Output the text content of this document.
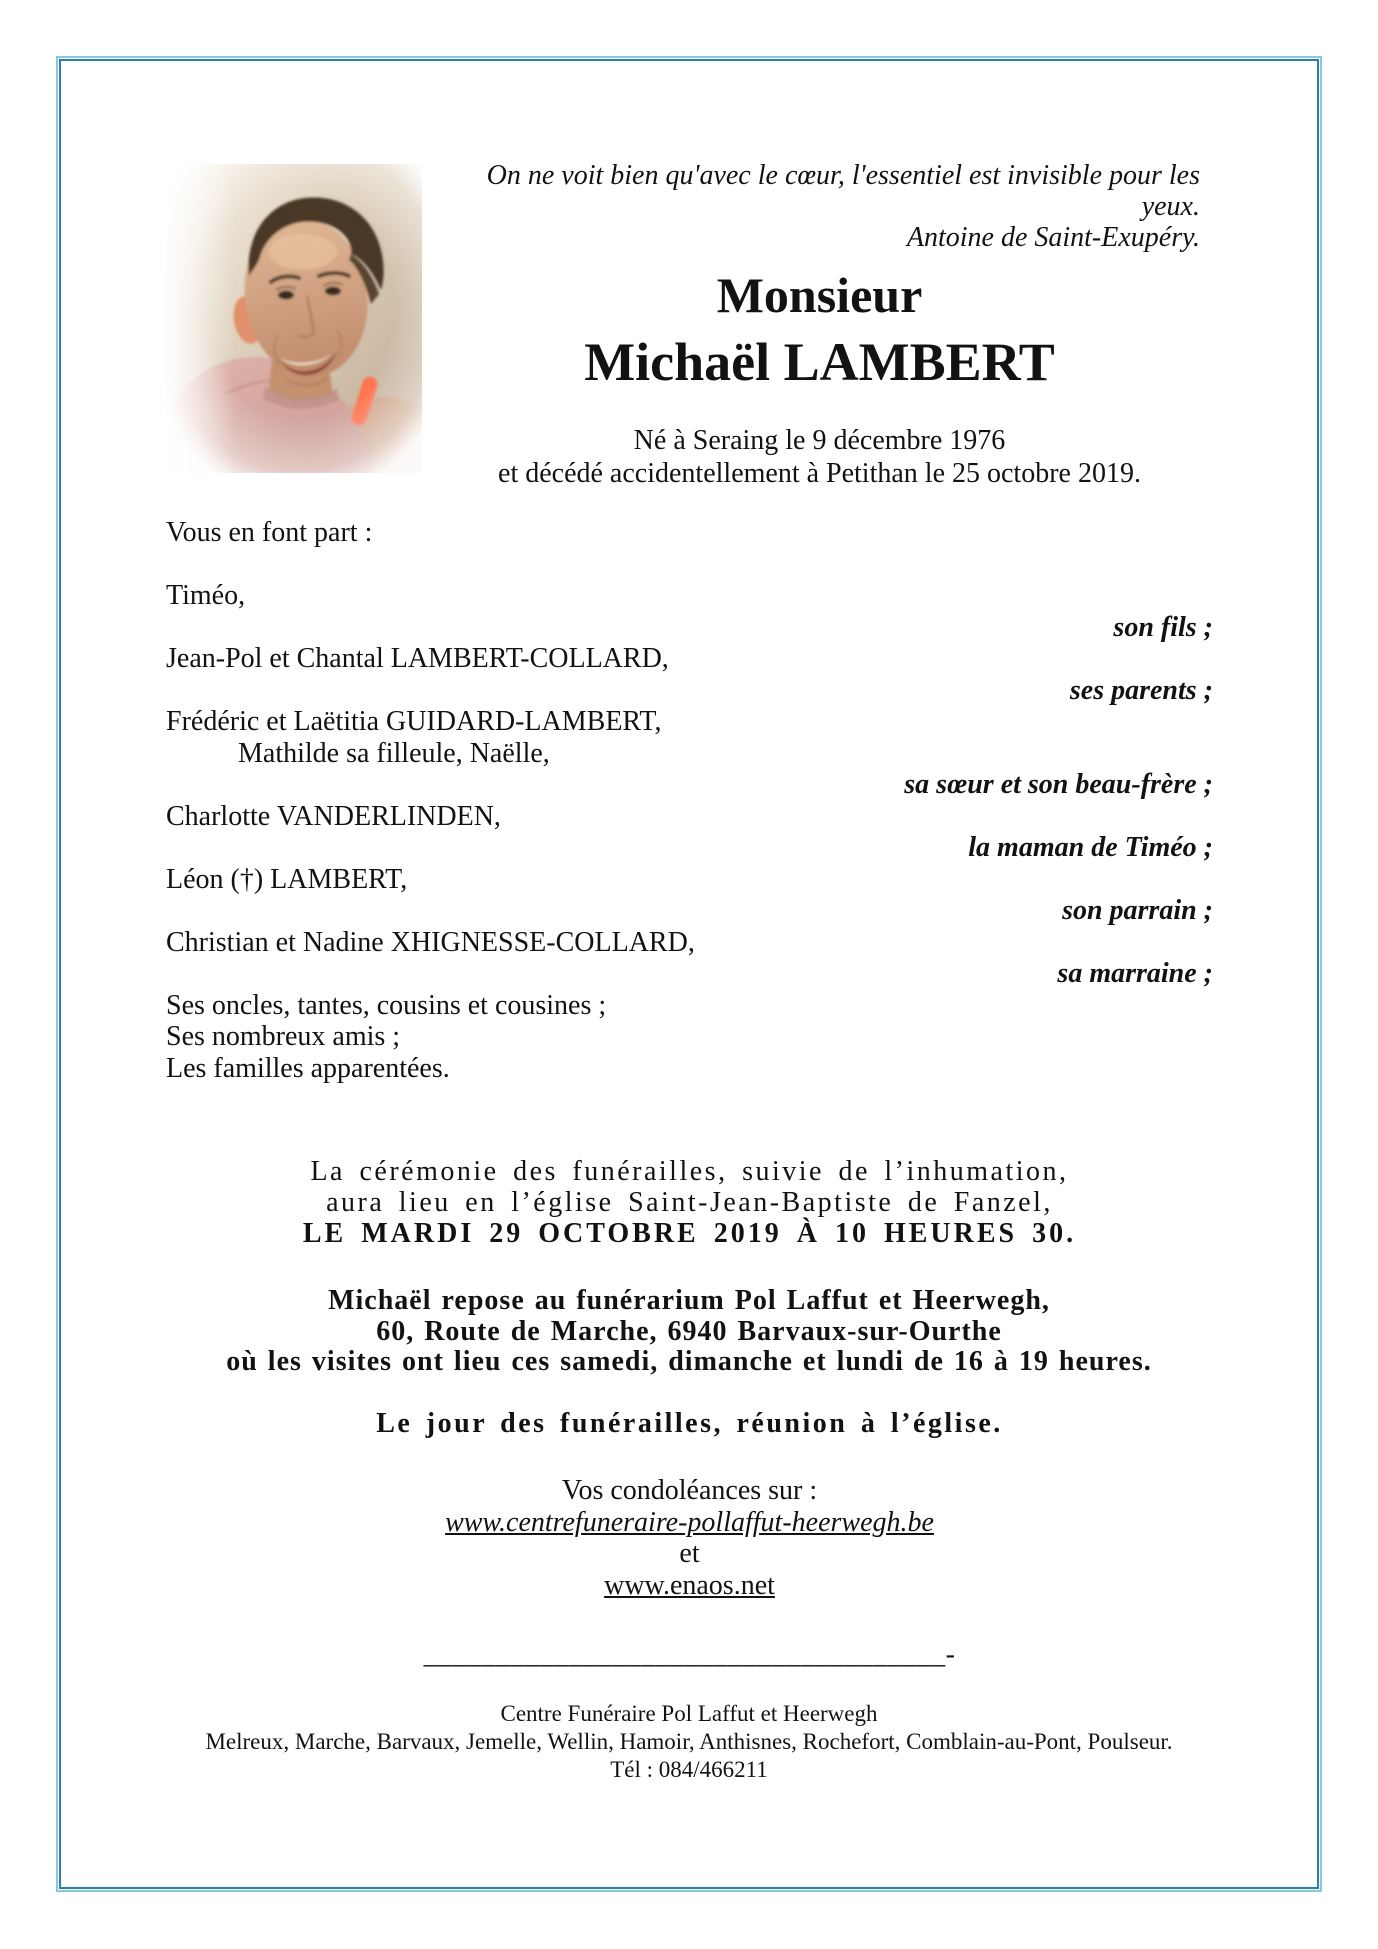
On ne voit bien qu'avec le cœur, l'essentiel est invisible pour les yeux.
Antoine de Saint-Exupéry.
Monsieur
Michaël LAMBERT
Né à Seraing le 9 décembre 1976
et décédé accidentellement à Petithan le 25 octobre 2019.
Vous en font part :

Timéo,
son fils ;
Jean-Pol et Chantal LAMBERT-COLLARD,
ses parents ;
Frédéric et Laëtitia GUIDARD-LAMBERT,
Mathilde sa filleule, Naëlle,
sa sœur et son beau-frère ;
Charlotte VANDERLINDEN,
la maman de Timéo ;
Léon (†) LAMBERT,
son parrain ;
Christian et Nadine XHIGNESSE-COLLARD,
sa marraine ;
Ses oncles, tantes, cousins et cousines ;
Ses nombreux amis ;
Les familles apparentées.
La cérémonie des funérailles, suivie de l’inhumation,
aura lieu en l’église Saint-Jean-Baptiste de Fanzel,
LE MARDI 29 OCTOBRE 2019 À 10 HEURES 30.
Michaël repose au funérarium Pol Laffut et Heerwegh,
60, Route de Marche, 6940 Barvaux-sur-Ourthe
où les visites ont lieu ces samedi, dimanche et lundi de 16 à 19 heures.
Le jour des funérailles, réunion à l’église.
Vos condoléances sur :
www.centrefuneraire-pollaffut-heerwegh.be
et
www.enaos.net
____________________________________-
Centre Funéraire Pol Laffut et Heerwegh
Melreux, Marche, Barvaux, Jemelle, Wellin, Hamoir, Anthisnes, Rochefort, Comblain-au-Pont, Poulseur.
Tél : 084/466211
